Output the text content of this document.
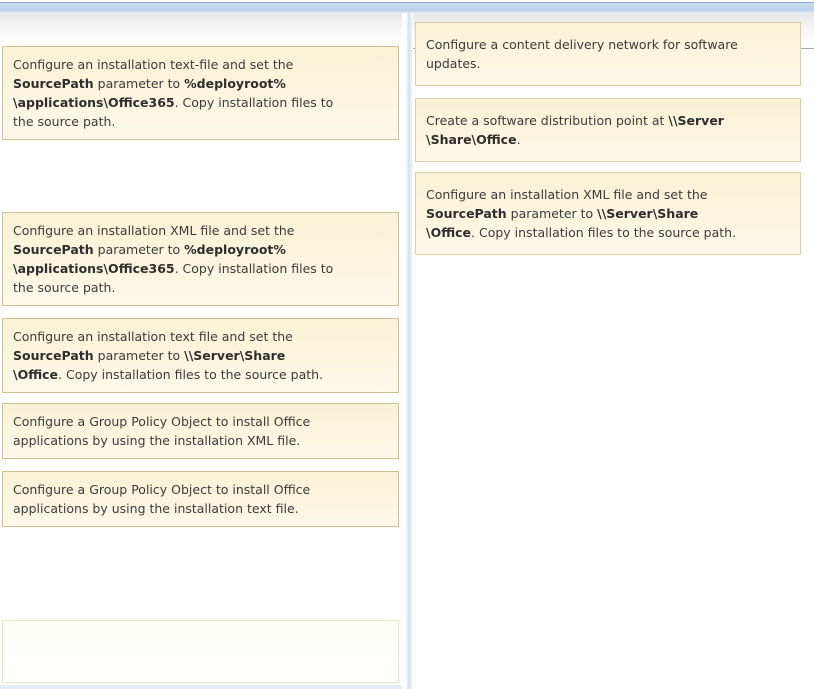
Configure an installation text-file and set the
SourcePath parameter to %deployroot%
\applications\Office365. Copy installation files to
the source path.
Configure an installation XML file and set the
SourcePath parameter to %deployroot%
\applications\Office365. Copy installation files to
the source path.
Configure an installation text file and set the
SourcePath parameter to \\Server\Share
\Office. Copy installation files to the source path.
Configure a Group Policy Object to install Office
applications by using the installation XML file.
Configure a Group Policy Object to install Office
applications by using the installation text file.
Configure a content delivery network for software
updates.
Create a software distribution point at \\Server
\Share\Office.
Configure an installation XML file and set the
SourcePath parameter to \\Server\Share
\Office. Copy installation files to the source path.
